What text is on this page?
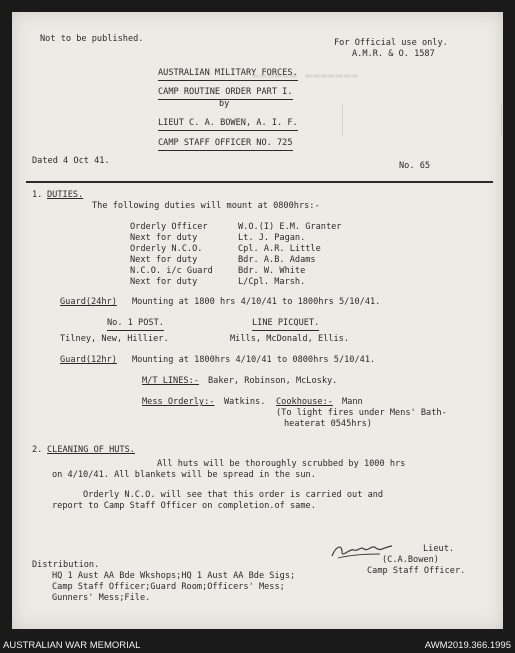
▬▬▬▬▬▬ ▬▬▬▬▬▬▬
Not to be published.	For Official use only.
A.M.R. & O. 1587
AUSTRALIAN MILITARY FORCES.
CAMP ROUTINE ORDER PART I.
by
LIEUT C. A. BOWEN, A. I. F.
CAMP STAFF OFFICER NO. 725
Dated 4 Oct 41.	No. 65
1. DUTIES.
The following duties will mount at 0800hrs:-
Orderly Officer	W.O.(I) E.M. Granter
Next for duty	Lt. J. Pagan.
Orderly N.C.O.	Cpl. A.R. Little
Next for duty	Bdr. A.B. Adams
N.C.O. i/c Guard	Bdr. W. White
Next for duty	L/Cpl. Marsh.
Guard(24hr) Mounting at 1800 hrs 4/10/41 to 1800hrs 5/10/41.
No. 1 POST.	LINE PICQUET.
Tilney, New, Hillier.	Mills, McDonald, Ellis.
Guard(12hr) Mounting at 1800hrs 4/10/41 to 0800hrs 5/10/41.
M/T LINES:- Baker, Robinson, McLosky.
Mess Orderly:- Watkins. Cookhouse:- Mann
(To light fires under Mens' Bath-
heaterat 0545hrs)
2. CLEANING OF HUTS.
All huts will be thoroughly scrubbed by 1000 hrs
on 4/10/41. All blankets will be spread in the sun.
Orderly N.C.O. will see that this order is carried out and
report to Camp Staff Officer on completion.of same.
Lieut.
(C.A.Bowen)
Camp Staff Officer.
Distribution.
HQ 1 Aust AA Bde Wkshops;HQ 1 Aust AA Bde Sigs;
Camp Staff Officer;Guard Room;Officers' Mess;
Gunners' Mess;File.
AUSTRALIAN WAR MEMORIAL	AWM2019.366.1995
